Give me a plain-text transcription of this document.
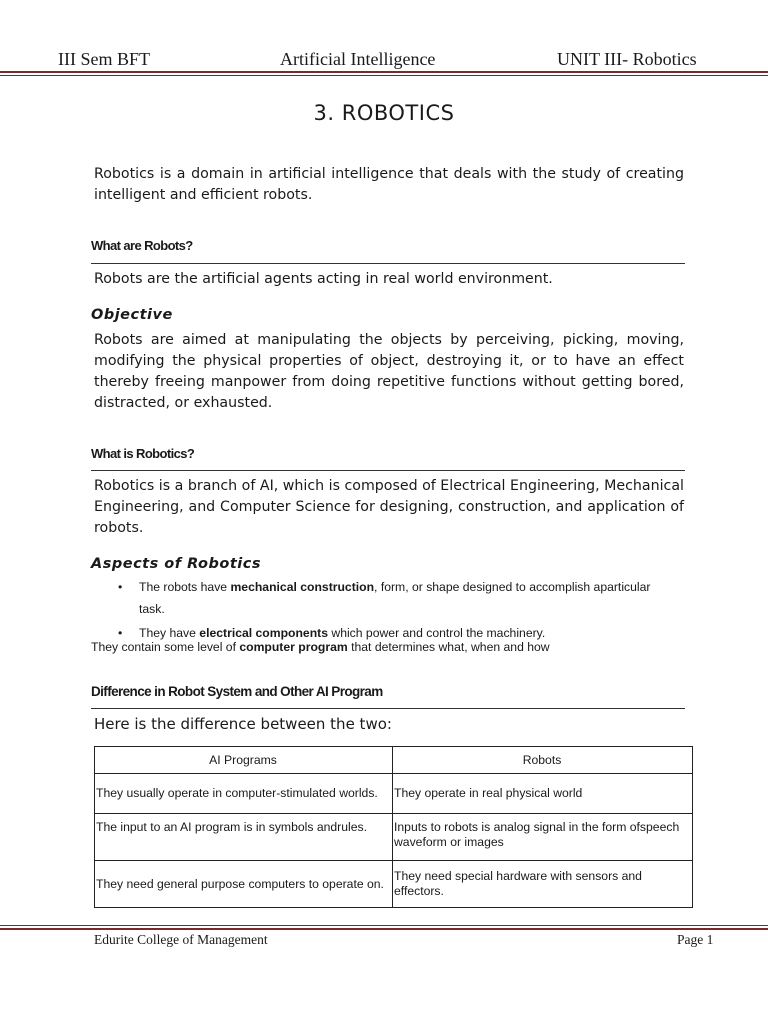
III Sem BFT	Artificial Intelligence	UNIT III- Robotics
3. ROBOTICS
Robotics is a domain in artificial intelligence that deals with the study of creating intelligent and efficient robots.
What are Robots?
Robots are the artificial agents acting in real world environment.
Objective
Robots are aimed at manipulating the objects by perceiving, picking, moving, modifying the physical properties of object, destroying it, or to have an effect thereby freeing manpower from doing repetitive functions without getting bored, distracted, or exhausted.
What is Robotics?
Robotics is a branch of AI, which is composed of Electrical Engineering, Mechanical Engineering, and Computer Science for designing, construction, and application of robots.
Aspects of Robotics
• The robots have mechanical construction, form, or shape designed to accomplish aparticular
task.
• They have electrical components which power and control the machinery.
They contain some level of computer program that determines what, when and how
Difference in Robot System and Other AI Program
Here is the difference between the two:
AI Programs	Robots
They usually operate in computer-stimulated worlds.	They operate in real physical world
The input to an AI program is in symbols andrules.	Inputs to robots is analog signal in the form ofspeech waveform or images
They need general purpose computers to operate on.	They need special hardware with sensors and effectors.
Edurite College of Management	Page 1
